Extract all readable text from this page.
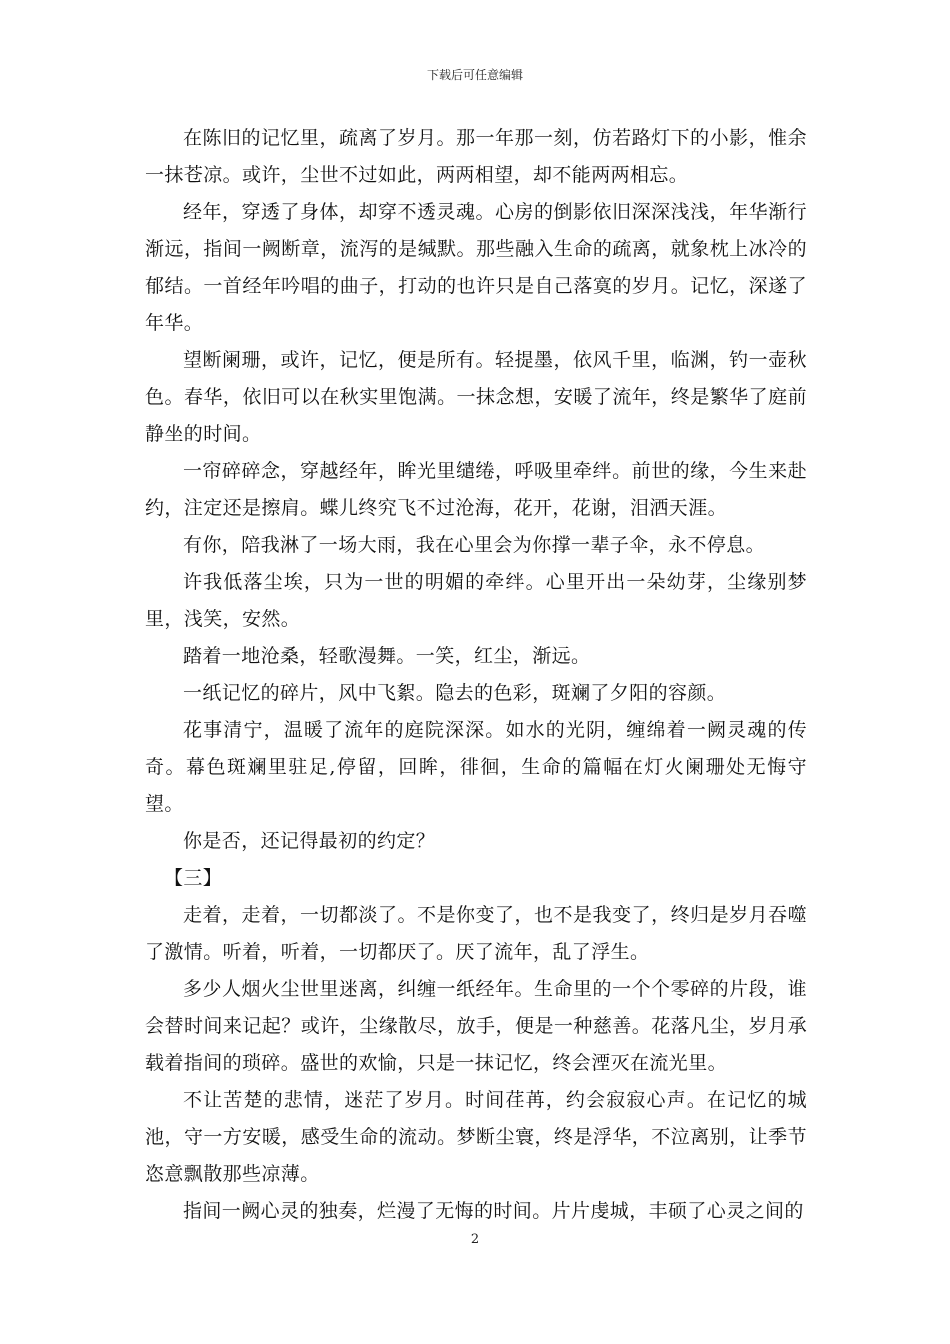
下载后可任意编辑

在陈旧的记忆里，疏离了岁月。那一年那一刻，仿若路灯下的小影，惟余一抹苍凉。或许，尘世不过如此，两两相望，却不能两两相忘。

经年，穿透了身体，却穿不透灵魂。心房的倒影依旧深深浅浅，年华渐行渐远，指间一阙断章，流泻的是缄默。那些融入生命的疏离，就象枕上冰冷的郁结。一首经年吟唱的曲子，打动的也许只是自己落寞的岁月。记忆，深遂了年华。

望断阑珊，或许，记忆，便是所有。轻提墨，依风千里，临渊，钓一壶秋色。春华，依旧可以在秋实里饱满。一抹念想，安暖了流年，终是繁华了庭前静坐的时间。

一帘碎碎念，穿越经年，眸光里缱绻，呼吸里牵绊。前世的缘，今生来赴约，注定还是擦肩。蝶儿终究飞不过沧海，花开，花谢，泪洒天涯。

有你，陪我淋了一场大雨，我在心里会为你撑一辈子伞，永不停息。

许我低落尘埃，只为一世的明媚的牵绊。心里开出一朵幼芽，尘缘别梦里，浅笑，安然。

踏着一地沧桑，轻歌漫舞。一笑，红尘，渐远。

一纸记忆的碎片，风中飞絮。隐去的色彩，斑斓了夕阳的容颜。

花事清宁，温暖了流年的庭院深深。如水的光阴，缠绵着一阙灵魂的传奇。幕色斑斓里驻足,停留，回眸，徘徊，生命的篇幅在灯火阑珊处无悔守望。

你是否，还记得最初的约定？

【三】

走着，走着，一切都淡了。不是你变了，也不是我变了，终归是岁月吞噬了激情。听着，听着，一切都厌了。厌了流年，乱了浮生。

多少人烟火尘世里迷离，纠缠一纸经年。生命里的一个个零碎的片段，谁会替时间来记起？或许，尘缘散尽，放手，便是一种慈善。花落凡尘，岁月承载着指间的琐碎。盛世的欢愉，只是一抹记忆，终会湮灭在流光里。

不让苦楚的悲情，迷茫了岁月。时间荏苒，约会寂寂心声。在记忆的城池，守一方安暖，感受生命的流动。梦断尘寰，终是浮华，不泣离别，让季节恣意飘散那些凉薄。

指间一阙心灵的独奏，烂漫了无悔的时间。片片虔城，丰硕了心灵之间的

2
